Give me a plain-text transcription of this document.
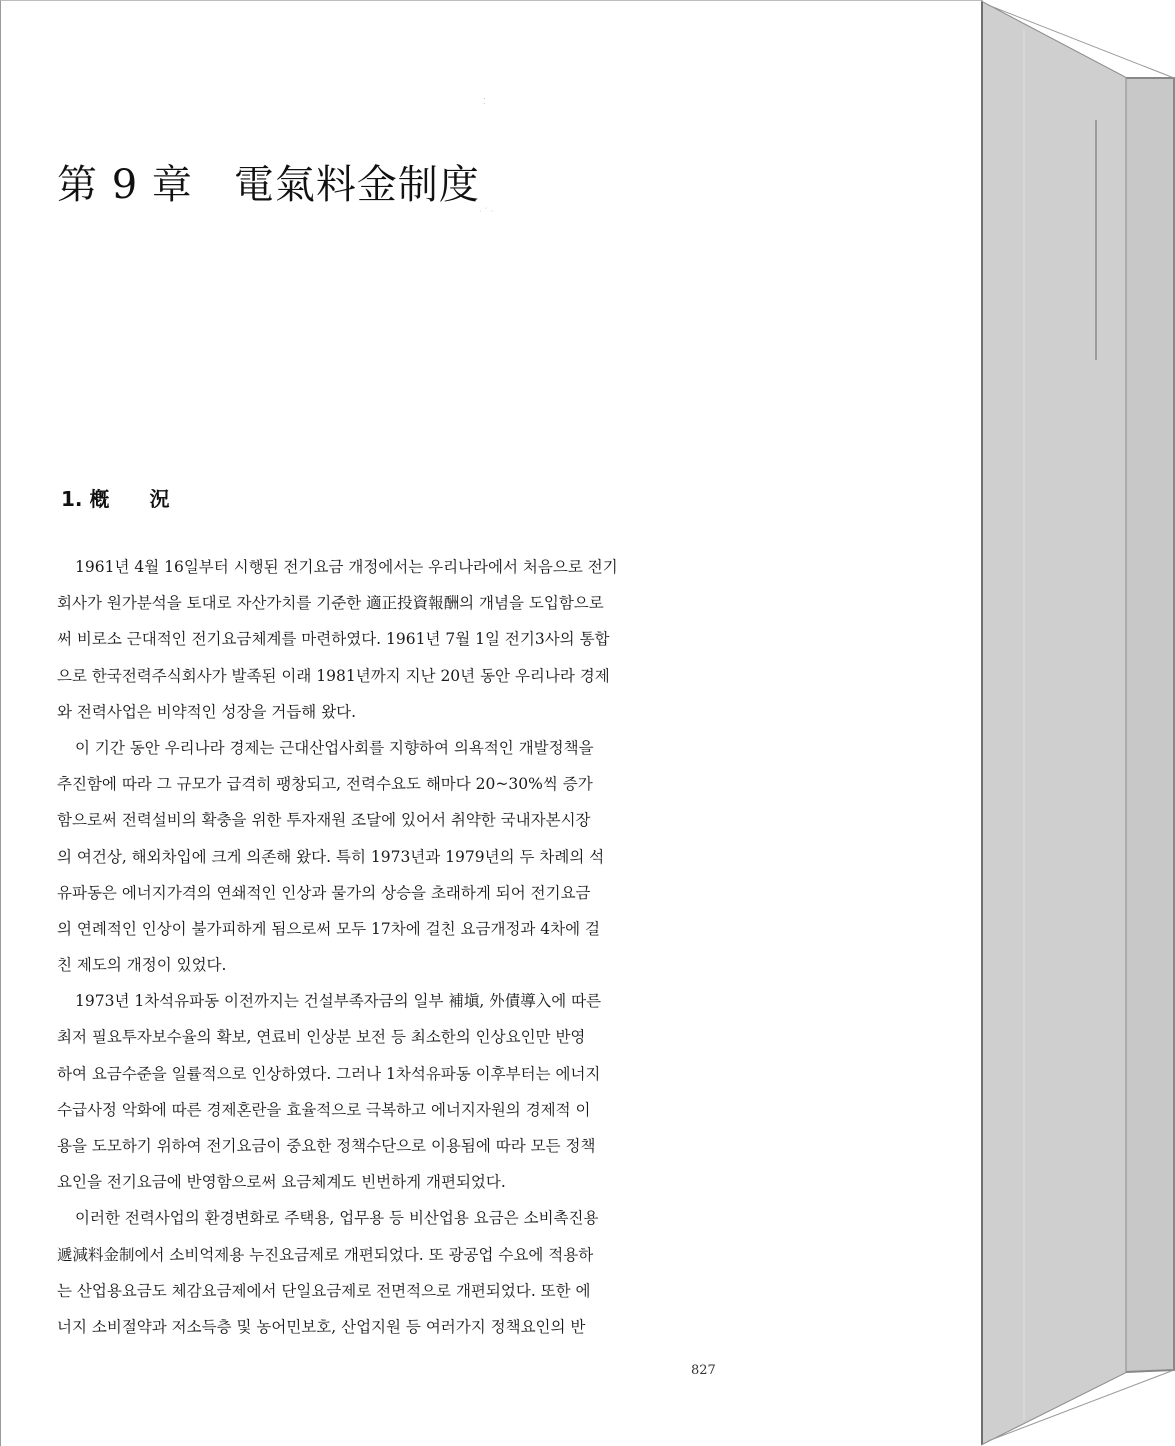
第 9 章　電氣料金制度
⁚
· ˙ ·
1. 槪　　況
1961년 4월 16일부터 시행된 전기요금 개정에서는 우리나라에서 처음으로 전기
회사가 원가분석을 토대로 자산가치를 기준한 適正投資報酬의 개념을 도입함으로
써 비로소 근대적인 전기요금체계를 마련하였다. 1961년 7월 1일 전기3사의 통합
으로 한국전력주식회사가 발족된 이래 1981년까지 지난 20년 동안 우리나라 경제
와 전력사업은 비약적인 성장을 거듭해 왔다.
이 기간 동안 우리나라 경제는 근대산업사회를 지향하여 의욕적인 개발정책을
추진함에 따라 그 규모가 급격히 팽창되고, 전력수요도 해마다 20~30%씩 증가
함으로써 전력설비의 확충을 위한 투자재원 조달에 있어서 취약한 국내자본시장
의 여건상, 해외차입에 크게 의존해 왔다. 특히 1973년과 1979년의 두 차례의 석
유파동은 에너지가격의 연쇄적인 인상과 물가의 상승을 초래하게 되어 전기요금
의 연례적인 인상이 불가피하게 됨으로써 모두 17차에 걸친 요금개정과 4차에 걸
친 제도의 개정이 있었다.
1973년 1차석유파동 이전까지는 건설부족자금의 일부 補塡, 外債導入에 따른
최저 필요투자보수율의 확보, 연료비 인상분 보전 등 최소한의 인상요인만 반영
하여 요금수준을 일률적으로 인상하였다. 그러나 1차석유파동 이후부터는 에너지
수급사정 악화에 따른 경제혼란을 효율적으로 극복하고 에너지자원의 경제적 이
용을 도모하기 위하여 전기요금이 중요한 정책수단으로 이용됨에 따라 모든 정책
요인을 전기요금에 반영함으로써 요금체계도 빈번하게 개편되었다.
이러한 전력사업의 환경변화로 주택용, 업무용 등 비산업용 요금은 소비촉진용
遞減料金制에서 소비억제용 누진요금제로 개편되었다. 또 광공업 수요에 적용하
는 산업용요금도 체감요금제에서 단일요금제로 전면적으로 개편되었다. 또한 에
너지 소비절약과 저소득층 및 농어민보호, 산업지원 등 여러가지 정책요인의 반
827
